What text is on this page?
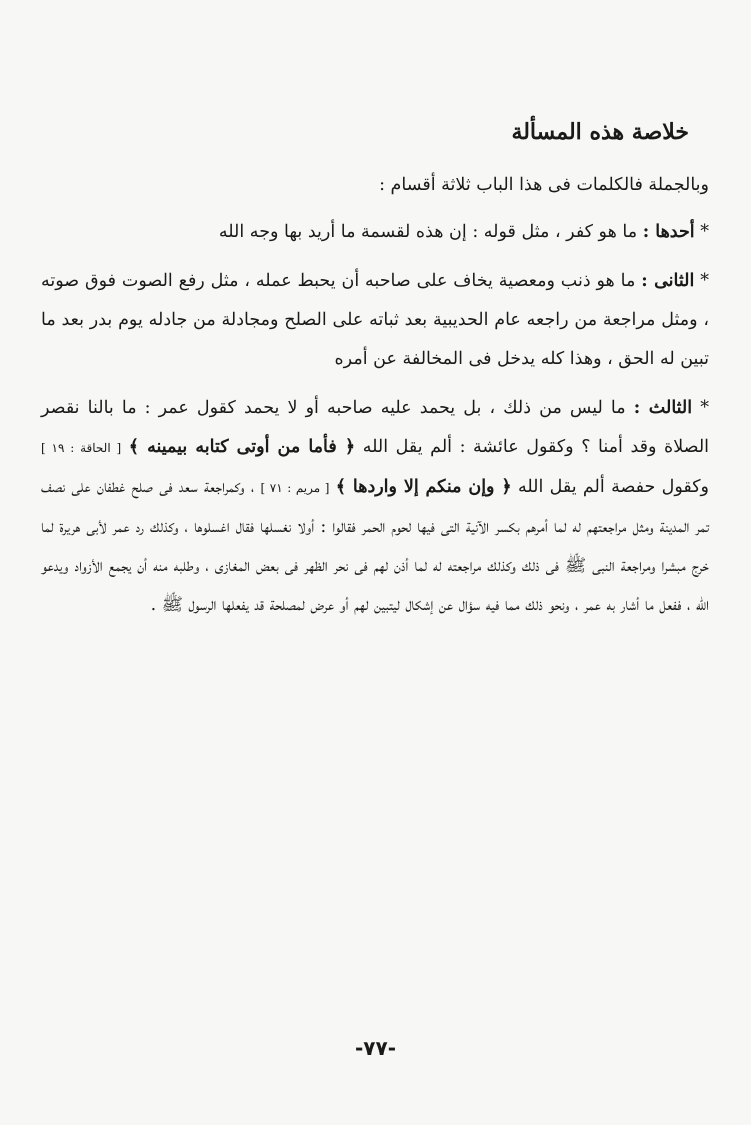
خلاصة هذه المسألة

وبالجملة فالكلمات فى هذا الباب ثلاثة أقسام :

* أحدها : ما هو كفر ، مثل قوله : إن هذه لقسمة ما أريد بها وجه الله

* الثانى : ما هو ذنب ومعصية يخاف على صاحبه أن يحبط عمله ، مثل رفع الصوت فوق صوته ، ومثل مراجعة من راجعه عام الحديبية بعد ثباته على الصلح ومجادلة من جادله يوم بدر بعد ما تبين له الحق ، وهذا كله يدخل فى المخالفة عن أمره

* الثالث : ما ليس من ذلك ، بل يحمد عليه صاحبه أو لا يحمد كقول عمر : ما بالنا نقصر الصلاة وقد أمنا ؟ وكقول عائشة : ألم يقل الله ﴿ فأما من أوتى كتابه بيمينه ﴾ [ الحاقة : ١٩ ] وكقول حفصة ألم يقل الله ﴿ وإن منكم إلا واردها ﴾ [ مريم : ٧١ ] ، وكمراجعة سعد فى صلح غطفان على نصف تمر المدينة ومثل مراجعتهم له لما أمرهم بكسر الآنية التى فيها لحوم الحمر فقالوا : أولا نغسلها فقال اغسلوها ، وكذلك رد عمر لأبى هريرة لما خرج مبشرا ومراجعة النبى ﷺ فى ذلك وكذلك مراجعته له لما أذن لهم فى نحر الظهر فى بعض المغازى ، وطلبه منه أن يجمع الأزواد ويدعو الله ، ففعل ما أشار به عمر ، ونحو ذلك مما فيه سؤال عن إشكال ليتبين لهم أو عرض لمصلحة قد يفعلها الرسول ﷺ .

-٧٧-
